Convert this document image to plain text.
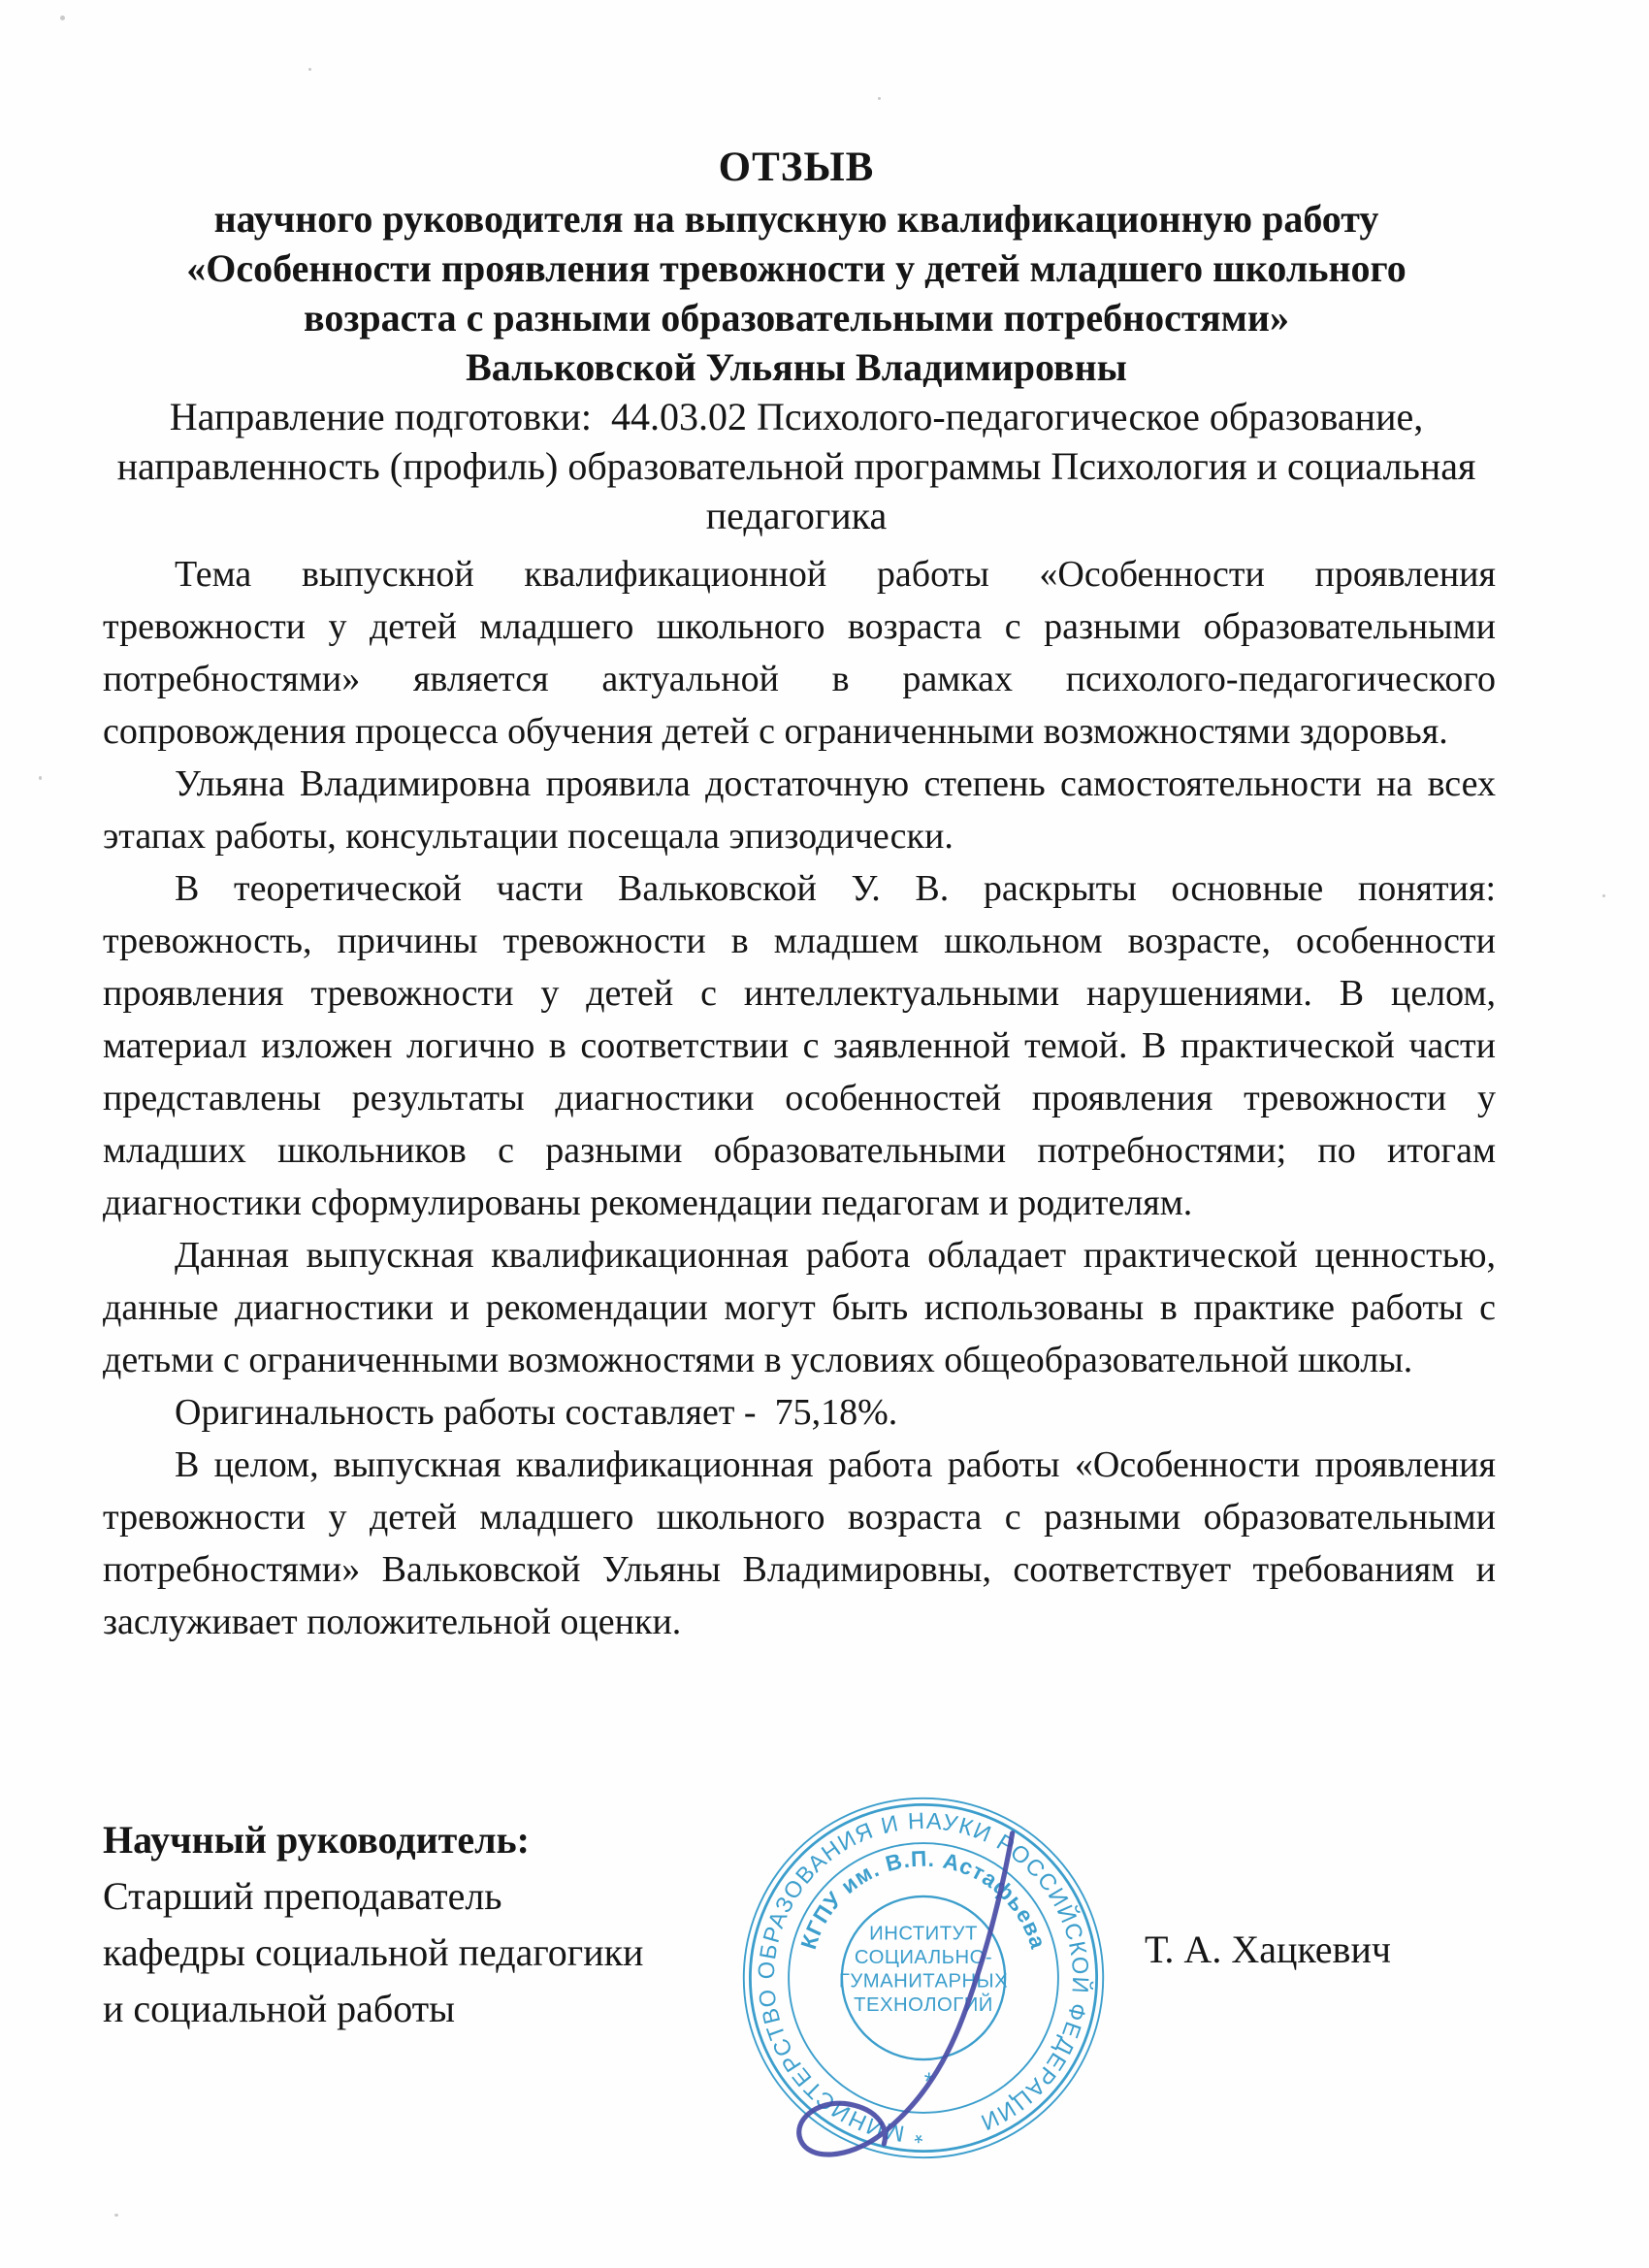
ОТЗЫВ
научного руководителя на выпускную квалификационную работу
«Особенности проявления тревожности у детей младшего школьного
возраста с разными образовательными потребностями»
Вальковской Ульяны Владимировны
Направление подготовки:  44.03.02 Психолого-педагогическое образование,
направленность (профиль) образовательной программы Психология и социальная
педагогика

Тема выпускной квалификационной работы «Особенности проявления тревожности у детей младшего школьного возраста с разными образовательными потребностями» является актуальной в рамках психолого-педагогического сопровождения процесса обучения детей с ограниченными возможностями здоровья.

Ульяна Владимировна проявила достаточную степень самостоятельности на всех этапах работы, консультации посещала эпизодически.

В теоретической части Вальковской У. В. раскрыты основные понятия: тревожность, причины тревожности в младшем школьном возрасте, особенности проявления тревожности у детей с интеллектуальными нарушениями. В целом, материал изложен логично в соответствии с заявленной темой. В практической части представлены результаты диагностики особенностей проявления тревожности у младших школьников с разными образовательными потребностями; по итогам диагностики сформулированы рекомендации педагогам и родителям.

Данная выпускная квалификационная работа обладает практической ценностью, данные диагностики и рекомендации могут быть использованы в практике работы с детьми с ограниченными возможностями в условиях общеобразовательной школы.

Оригинальность работы составляет -  75,18%.

В целом, выпускная квалификационная работа работы «Особенности проявления тревожности у детей младшего школьного возраста с разными образовательными потребностями» Вальковской Ульяны Владимировны, соответствует требованиям и заслуживает положительной оценки.

Научный руководитель:
Старший преподаватель
кафедры социальной педагогики
и социальной работы
* МИНИСТЕРСТВО ОБРАЗОВАНИЯ И НАУКИ РОССИЙСКОЙ ФЕДЕРАЦИИ
КГПУ им. В.П. Астафьева
ИНСТИТУТ
СОЦИАЛЬНО-
ГУМАНИТАРНЫХ
ТЕХНОЛОГИЙ
*
Т. А. Хацкевич
